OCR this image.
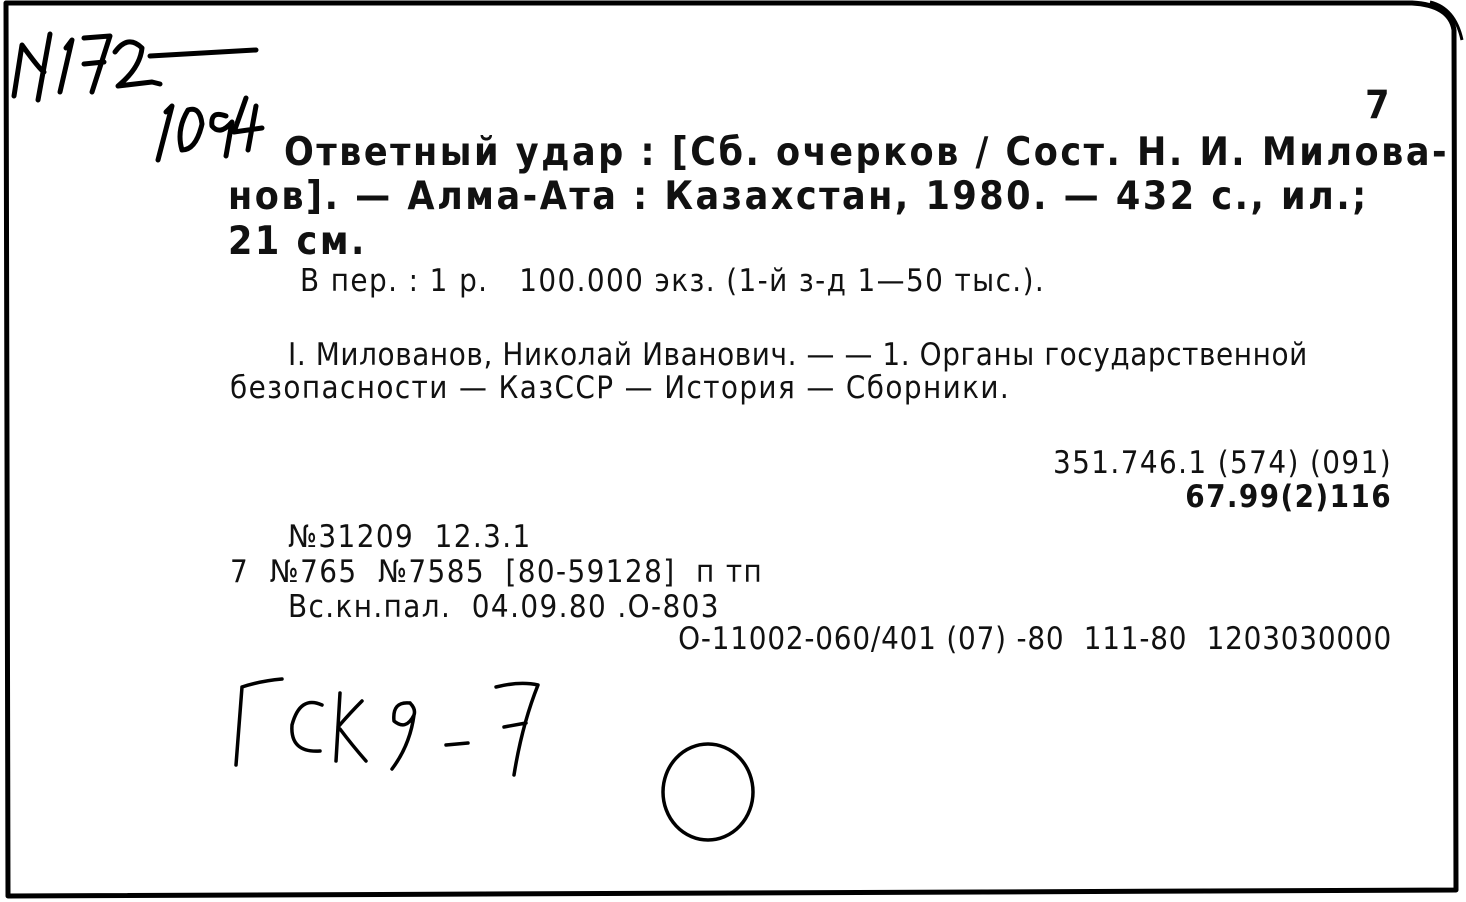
7
Ответный удар : [Сб. очерков / Сост. Н. И. Милова-
нов]. — Алма-Ата : Казахстан, 1980. — 432 с., ил.;
21 см.
В пер. : 1 р.   100.000 экз. (1-й з-д 1—50 тыс.).
I. Милованов, Николай Иванович. — — 1. Органы государственной
безопасности — КазССР — История — Сборники.
351.746.1 (574) (091)
67.99(2)116
№31209  12.3.1
7  №765  №7585  [80-59128]  п тп
Вс.кн.пал.  04.09.80 .О-803
О-11002-060/401 (07) -80  111-80  1203030000
